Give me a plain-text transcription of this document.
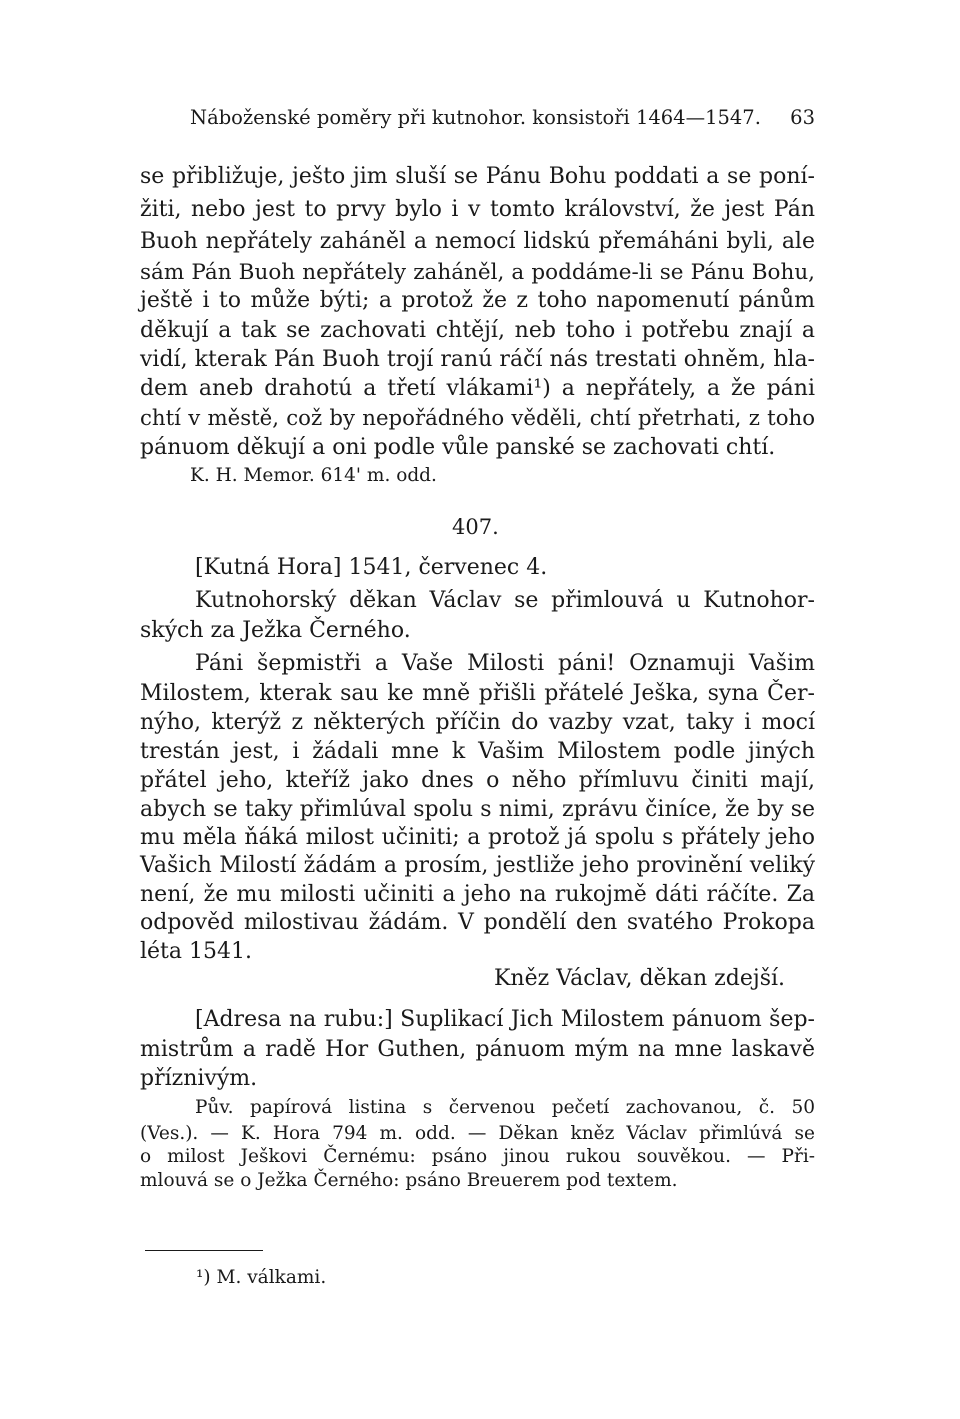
Náboženské poměry při kutnohor. konsistoři 1464—1547. 63
se přibližuje, ješto jim sluší se Pánu Bohu poddati a se poní-
žiti, nebo jest to prvy bylo i v tomto království, že jest Pán
Buoh nepřátely zaháněl a nemocí lidskú přemáháni byli, ale
sám Pán Buoh nepřátely zaháněl, a poddáme-li se Pánu Bohu,
ještě i to může býti; a protož že z toho napomenutí pánům
děkují a tak se zachovati chtějí, neb toho i potřebu znají a
vidí, kterak Pán Buoh trojí ranú ráčí nás trestati ohněm, hla-
dem aneb drahotú a třetí vlákami¹) a nepřátely, a že páni
chtí v městě, což by nepořádného věděli, chtí přetrhati, z toho
pánuom děkují a oni podle vůle panské se zachovati chtí.
K. H. Memor. 614' m. odd.
407.
[Kutná Hora] 1541, červenec 4.
Kutnohorský děkan Václav se přimlouvá u Kutnohor-
ských za Ježka Černého.
Páni šepmistři a Vaše Milosti páni! Oznamuji Vašim
Milostem, kterak sau ke mně přišli přátelé Ješka, syna Čer-
nýho, kterýž z některých příčin do vazby vzat, taky i mocí
trestán jest, i žádali mne k Vašim Milostem podle jiných
přátel jeho, kteříž jako dnes o něho přímluvu činiti mají,
abych se taky přimlúval spolu s nimi, zprávu činíce, že by se
mu měla ňáká milost učiniti; a protož já spolu s přátely jeho
Vašich Milostí žádám a prosím, jestliže jeho provinění veliký
není, že mu milosti učiniti a jeho na rukojmě dáti ráčíte. Za
odpověd milostivau žádám. V pondělí den svatého Prokopa
léta 1541.
Kněz Václav, děkan zdejší.
[Adresa na rubu:] Suplikací Jich Milostem pánuom šep-
mistrům a radě Hor Guthen, pánuom mým na mne laskavě
příznivým.
Pův. papírová listina s červenou pečetí zachovanou, č. 50
(Ves.). — K. Hora 794 m. odd. — Děkan kněz Václav přimlúvá se
o milost Ješkovi Černému: psáno jinou rukou souvěkou. — Při-
mlouvá se o Ježka Černého: psáno Breuerem pod textem.
¹) M. válkami.
